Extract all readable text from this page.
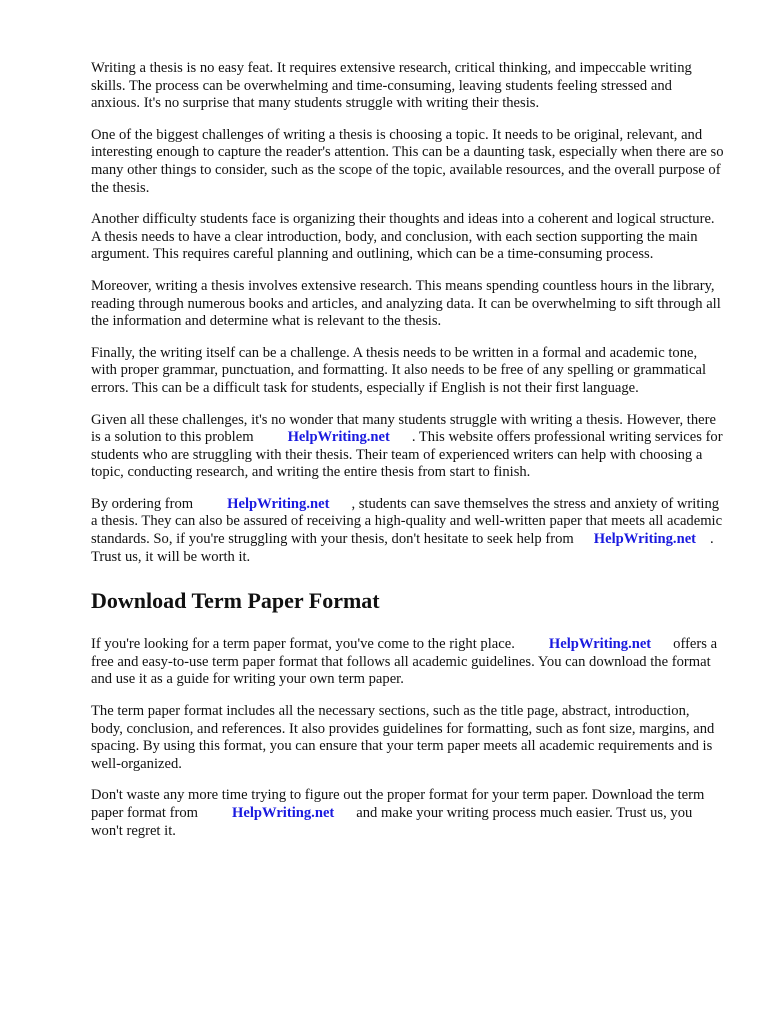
Writing a thesis is no easy feat. It requires extensive research, critical thinking, and impeccable writing skills. The process can be overwhelming and time-consuming, leaving students feeling stressed and anxious. It's no surprise that many students struggle with writing their thesis.

One of the biggest challenges of writing a thesis is choosing a topic. It needs to be original, relevant, and interesting enough to capture the reader's attention. This can be a daunting task, especially when there are so many other things to consider, such as the scope of the topic, available resources, and the overall purpose of the thesis.

Another difficulty students face is organizing their thoughts and ideas into a coherent and logical structure. A thesis needs to have a clear introduction, body, and conclusion, with each section supporting the main argument. This requires careful planning and outlining, which can be a time-consuming process.

Moreover, writing a thesis involves extensive research. This means spending countless hours in the library, reading through numerous books and articles, and analyzing data. It can be overwhelming to sift through all the information and determine what is relevant to the thesis.

Finally, the writing itself can be a challenge. A thesis needs to be written in a formal and academic tone, with proper grammar, punctuation, and formatting. It also needs to be free of any spelling or grammatical errors. This can be a difficult task for students, especially if English is not their first language.

Given all these challenges, it's no wonder that many students struggle with writing a thesis. However, there is a solution to this problem HelpWriting.net . This website offers professional writing services for students who are struggling with their thesis. Their team of experienced writers can help with choosing a topic, conducting research, and writing the entire thesis from start to finish.

By ordering from HelpWriting.net , students can save themselves the stress and anxiety of writing a thesis. They can also be assured of receiving a high-quality and well-written paper that meets all academic standards. So, if you're struggling with your thesis, don't hesitate to seek help from HelpWriting.net . Trust us, it will be worth it.

Download Term Paper Format

If you're looking for a term paper format, you've come to the right place. HelpWriting.net offers a free and easy-to-use term paper format that follows all academic guidelines. You can download the format and use it as a guide for writing your own term paper.

The term paper format includes all the necessary sections, such as the title page, abstract, introduction, body, conclusion, and references. It also provides guidelines for formatting, such as font size, margins, and spacing. By using this format, you can ensure that your term paper meets all academic requirements and is well-organized.

Don't waste any more time trying to figure out the proper format for your term paper. Download the term paper format from HelpWriting.net and make your writing process much easier. Trust us, you won't regret it.
